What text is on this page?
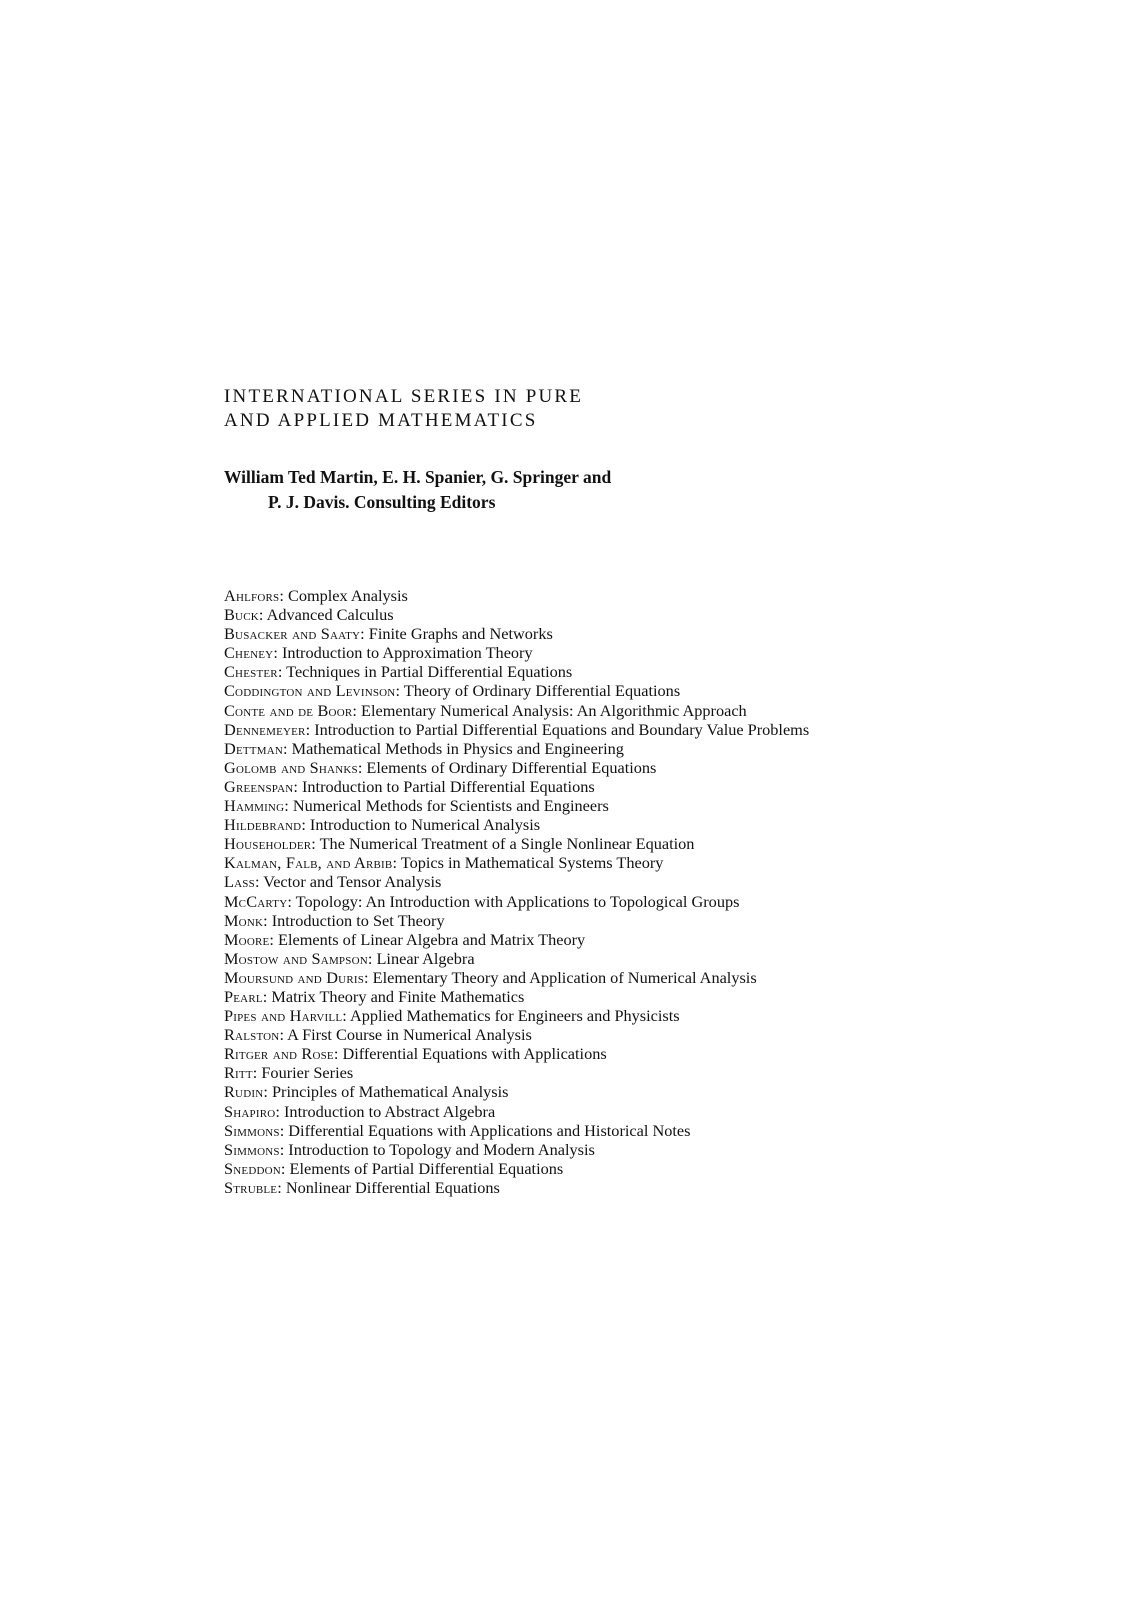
INTERNATIONAL SERIES IN PURE
AND APPLIED MATHEMATICS
William Ted Martin, E. H. Spanier, G. Springer and
P. J. Davis. Consulting Editors
Ahlfors: Complex Analysis
Buck: Advanced Calculus
Busacker and Saaty: Finite Graphs and Networks
Cheney: Introduction to Approximation Theory
Chester: Techniques in Partial Differential Equations
Coddington and Levinson: Theory of Ordinary Differential Equations
Conte and de Boor: Elementary Numerical Analysis: An Algorithmic Approach
Dennemeyer: Introduction to Partial Differential Equations and Boundary Value Problems
Dettman: Mathematical Methods in Physics and Engineering
Golomb and Shanks: Elements of Ordinary Differential Equations
Greenspan: Introduction to Partial Differential Equations
Hamming: Numerical Methods for Scientists and Engineers
Hildebrand: Introduction to Numerical Analysis
Householder: The Numerical Treatment of a Single Nonlinear Equation
Kalman, Falb, and Arbib: Topics in Mathematical Systems Theory
Lass: Vector and Tensor Analysis
McCarty: Topology: An Introduction with Applications to Topological Groups
Monk: Introduction to Set Theory
Moore: Elements of Linear Algebra and Matrix Theory
Mostow and Sampson: Linear Algebra
Moursund and Duris: Elementary Theory and Application of Numerical Analysis
Pearl: Matrix Theory and Finite Mathematics
Pipes and Harvill: Applied Mathematics for Engineers and Physicists
Ralston: A First Course in Numerical Analysis
Ritger and Rose: Differential Equations with Applications
Ritt: Fourier Series
Rudin: Principles of Mathematical Analysis
Shapiro: Introduction to Abstract Algebra
Simmons: Differential Equations with Applications and Historical Notes
Simmons: Introduction to Topology and Modern Analysis
Sneddon: Elements of Partial Differential Equations
Struble: Nonlinear Differential Equations
